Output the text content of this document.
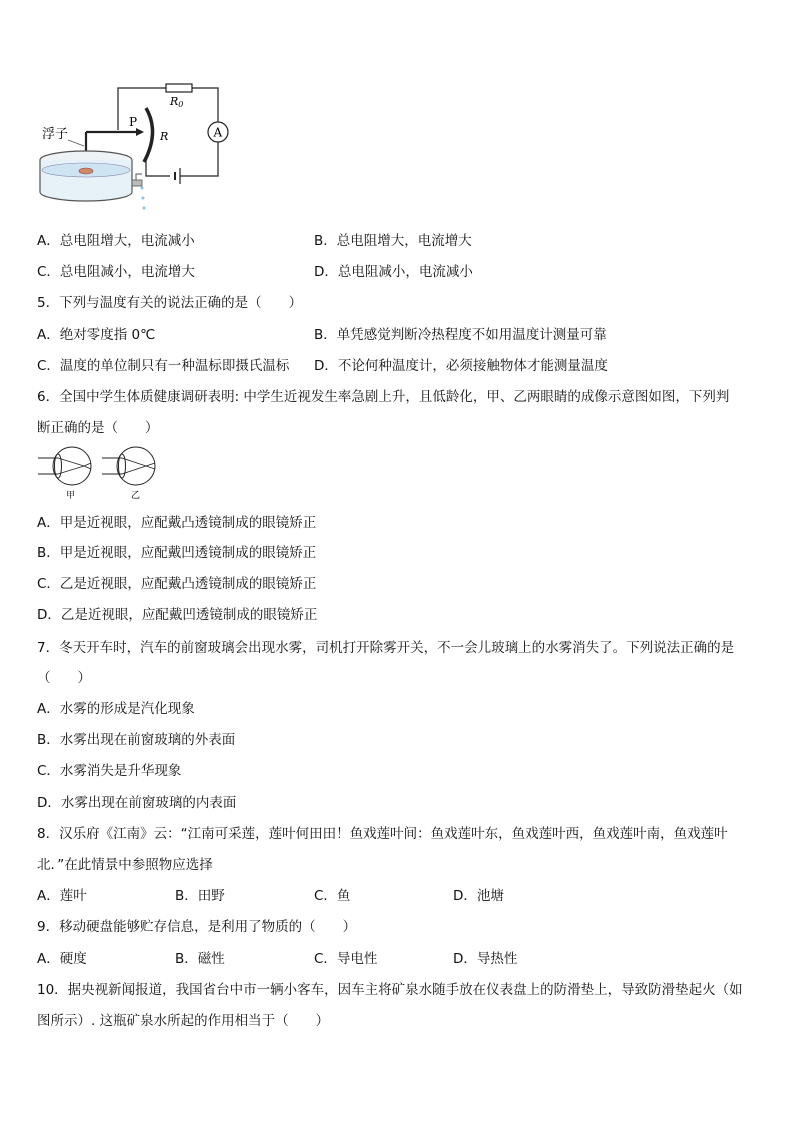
R0
A
R
P
浮子
A．总电阻增大，电流减小	B．总电阻增大，电流增大
C．总电阻减小，电流增大	D．总电阻减小，电流减小
5．下列与温度有关的说法正确的是（　　）
A．绝对零度指 0℃	B．单凭感觉判断冷热程度不如用温度计测量可靠
C．温度的单位制只有一种温标即摄氏温标 D．不论何种温度计，必须接触物体才能测量温度
6．全国中学生体质健康调研表明: 中学生近视发生率急剧上升，且低龄化，甲、乙两眼睛的成像示意图如图，下列判
断正确的是（　　）
甲	乙
A．甲是近视眼，应配戴凸透镜制成的眼镜矫正
B．甲是近视眼，应配戴凹透镜制成的眼镜矫正
C．乙是近视眼，应配戴凸透镜制成的眼镜矫正
D．乙是近视眼，应配戴凹透镜制成的眼镜矫正
7．冬天开车时，汽车的前窗玻璃会出现水雾，司机打开除雾开关，不一会儿玻璃上的水雾消失了。下列说法正确的是
（　　）
A．水雾的形成是汽化现象
B．水雾出现在前窗玻璃的外表面
C．水雾消失是升华现象
D．水雾出现在前窗玻璃的内表面
8．汉乐府《江南》云：“江南可采莲，莲叶何田田！鱼戏莲叶间：鱼戏莲叶东，鱼戏莲叶西，鱼戏莲叶南，鱼戏莲叶
北．”在此情景中参照物应选择
A．莲叶	B．田野	C．鱼	D．池塘
9．移动硬盘能够贮存信息，是利用了物质的（　　）
A．硬度	B．磁性	C．导电性	D．导热性
10．据央视新闻报道，我国省台中市一辆小客车，因车主将矿泉水随手放在仪表盘上的防滑垫上，导致防滑垫起火（如
图所示）. 这瓶矿泉水所起的作用相当于（　　）
